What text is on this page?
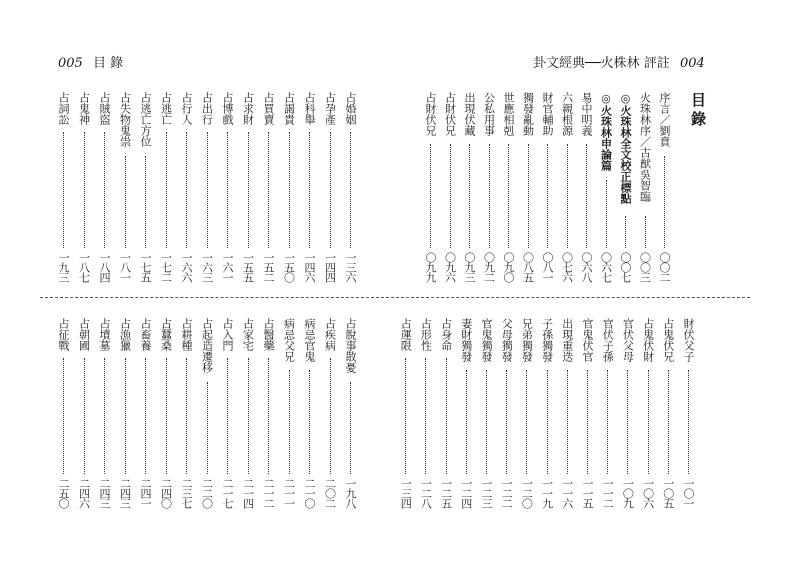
005 目 錄	卦文經典──火株林 評註 004
目錄
序言／劉賁
〇〇二
火珠林序／古猷吳智臨
〇〇三
◎火珠林全文校正標點
〇〇七
◎火珠林申論篇
〇六七
易中明義
〇六八
六親根源
〇七六
財官輔助
〇八一
獨發亂動
〇八五
世應相剋
〇九〇
公私用事
〇九二
出現伏藏
〇九三
占財伏兄
〇九六
占財伏兄
〇九九
財伏父子
一〇一
占鬼伏兄
一〇五
占鬼伏財
一〇六
官伏父母
一〇九
官伏子孫
一一二
官鬼伏官
一一五
出現重迭
一一六
子孫獨發
一一九
兄弟獨發
一二〇
父母獨發
一二二
官鬼獨發
一二三
妻財獨發
一二四
占身命
一二五
占形性
一二八
占運限
一三四
占婚姻
一三六
占孕產
一四四
占科舉
一四六
占謁貴
一五〇
占買賣
一五二
占求財
一五五
占博戲
一六一
占出行
一六三
占行人
一六六
占逃亡
一七二
占逃亡方位
一七五
占失物鬼祟
一八一
占賊盜
一八四
占鬼神
一八七
占詞訟
一九三
占脫事散憂
一九八
占疾病
二〇二
病忌官鬼
二一〇
病忌父兄
二一一
占醫藥
二一二
占家宅
二一四
占入門
二一七
占起造遷移
二二〇
占耕種
二三七
占蠶桑
二四〇
占畜養
二四一
占漁獵
二四三
占墳墓
二四三
占朝國
二四六
占征戰
二五〇
